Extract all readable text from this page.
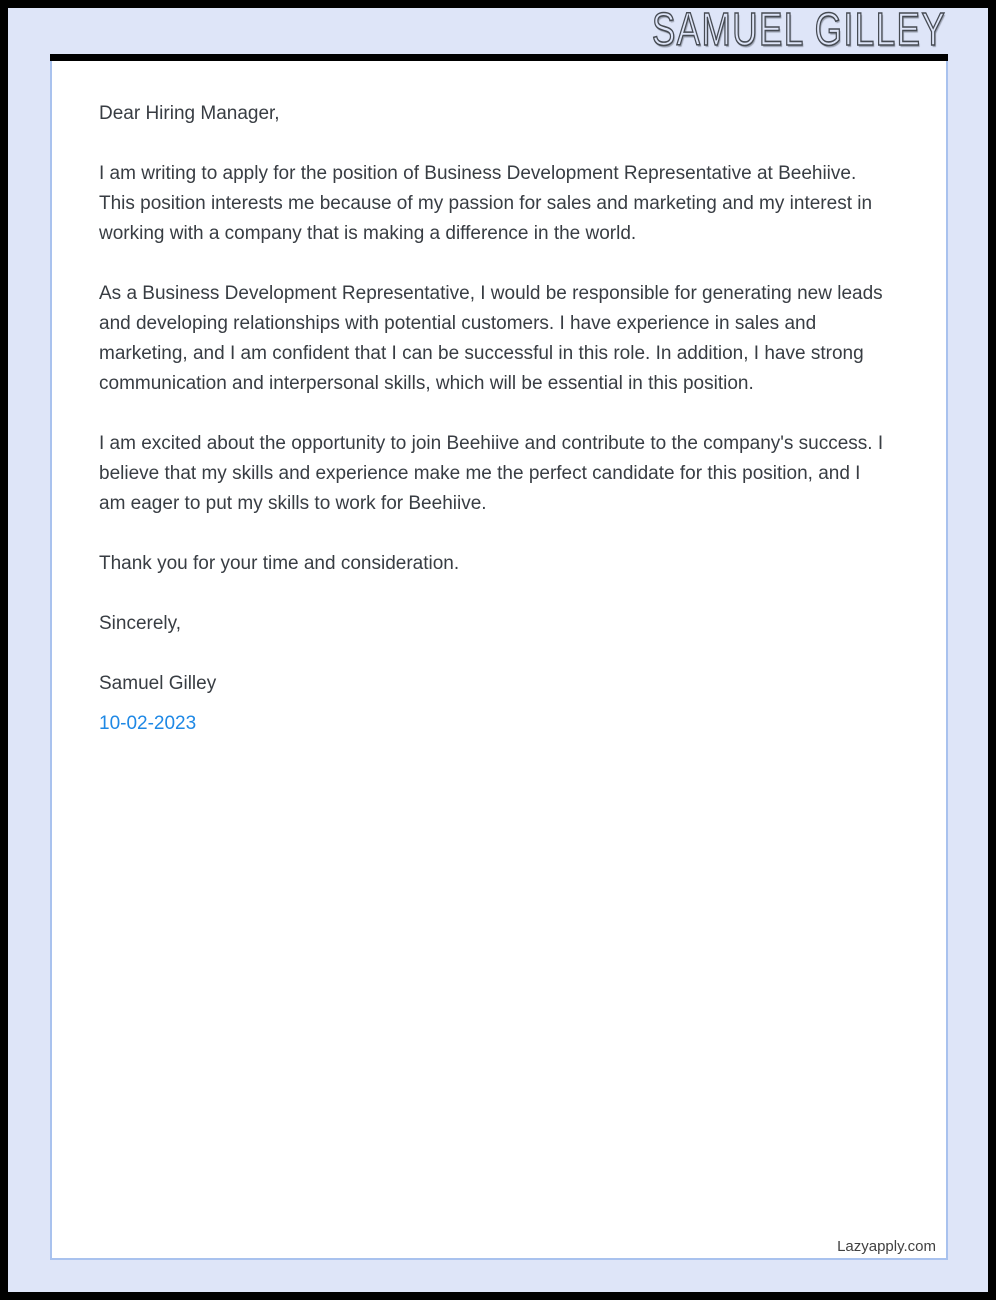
SAMUEL GILLEY

Dear Hiring Manager,

I am writing to apply for the position of Business Development Representative at Beehiive. This position interests me because of my passion for sales and marketing and my interest in working with a company that is making a difference in the world.

As a Business Development Representative, I would be responsible for generating new leads and developing relationships with potential customers. I have experience in sales and marketing, and I am confident that I can be successful in this role. In addition, I have strong communication and interpersonal skills, which will be essential in this position.

I am excited about the opportunity to join Beehiive and contribute to the company's success. I believe that my skills and experience make me the perfect candidate for this position, and I am eager to put my skills to work for Beehiive.

Thank you for your time and consideration.

Sincerely,

Samuel Gilley

10-02-2023

Lazyapply.com
